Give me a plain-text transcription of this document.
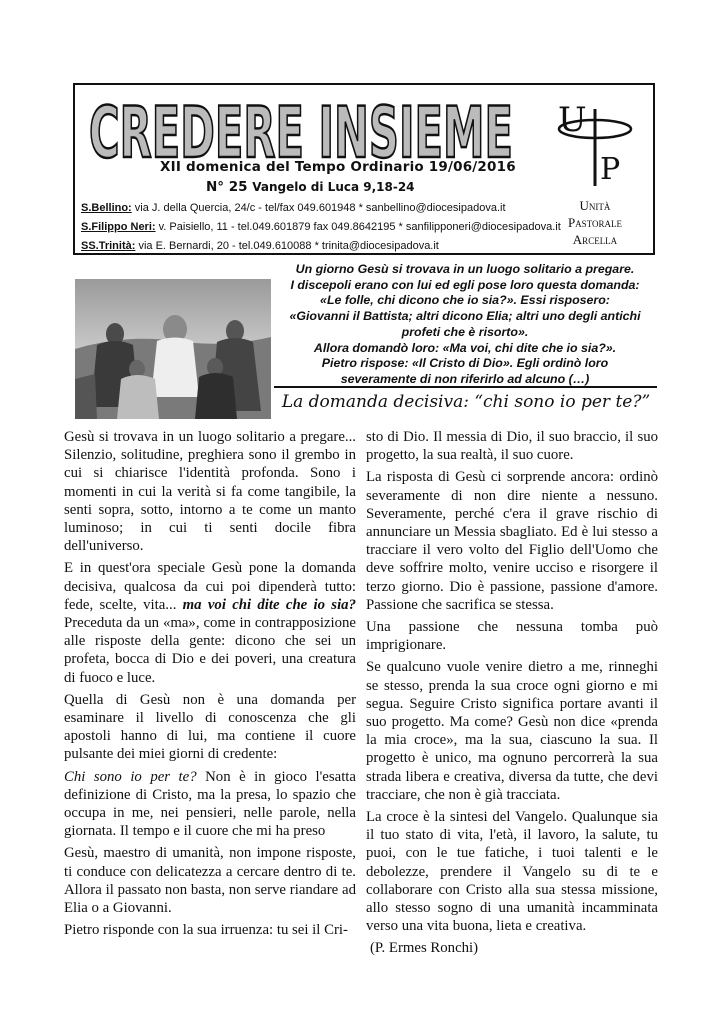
CREDERE INSIEME
XII domenica del Tempo Ordinario 19/06/2016
N° 25 Vangelo di Luca 9,18-24
S.Bellino: via J. della Quercia, 24/c - tel/fax 049.601948 * sanbellino@diocesipadova.it
S.Filippo Neri: v. Paisiello, 11 - tel.049.601879 fax 049.8642195 * sanfilipponeri@diocesipadova.it
SS.Trinità: via E. Bernardi, 20 - tel.049.610088 * trinita@diocesipadova.it
U
P
Unità
Pastorale
Arcella
Un giorno Gesù si trovava in un luogo solitario a pregare.
I discepoli erano con lui ed egli pose loro questa domanda:
«Le folle, chi dicono che io sia?». Essi risposero:
«Giovanni il Battista; altri dicono Elia; altri uno degli antichi
profeti che è risorto».
Allora domandò loro: «Ma voi, chi dite che io sia?».
Pietro rispose: «Il Cristo di Dio». Egli ordinò loro
severamente di non riferirlo ad alcuno (…)
La domanda decisiva: “chi sono io per te?”

Gesù si trovava in un luogo solitario a pregare... Silenzio, solitudine, preghiera sono il grembo in cui si chiarisce l'identità profonda. Sono i momenti in cui la verità si fa come tangibile, la senti sopra, sotto, intorno a te come un manto luminoso; in cui ti senti docile fibra dell'universo.

E in quest'ora speciale Gesù pone la domanda decisiva, qualcosa da cui poi dipenderà tutto: fede, scelte, vita... ma voi chi dite che io sia? Preceduta da un «ma», come in contrapposizione alle risposte della gente: dicono che sei un profeta, bocca di Dio e dei poveri, una creatura di fuoco e luce.

Quella di Gesù non è una domanda per esaminare il livello di conoscenza che gli apostoli hanno di lui, ma contiene il cuore pulsante dei miei giorni di credente:

Chi sono io per te? Non è in gioco l'esatta definizione di Cristo, ma la presa, lo spazio che occupa in me, nei pensieri, nelle parole, nella giornata. Il tempo e il cuore che mi ha preso

Gesù, maestro di umanità, non impone risposte, ti conduce con delicatezza a cercare dentro di te. Allora il passato non basta, non serve riandare ad Elia o a Giovanni.

Pietro risponde con la sua irruenza: tu sei il Cri-

sto di Dio. Il messia di Dio, il suo braccio, il suo progetto, la sua realtà, il suo cuore.

La risposta di Gesù ci sorprende ancora: ordinò severamente di non dire niente a nessuno. Severamente, perché c'era il grave rischio di annunciare un Messia sbagliato. Ed è lui stesso a tracciare il vero volto del Figlio dell'Uomo che deve soffrire molto, venire ucciso e risorgere il terzo giorno. Dio è passione, passione d'amore. Passione che sacrifica se stessa.

Una passione che nessuna tomba può imprigionare.

Se qualcuno vuole venire dietro a me, rinneghi se stesso, prenda la sua croce ogni giorno e mi segua. Seguire Cristo significa portare avanti il suo progetto. Ma come? Gesù non dice «prenda la mia croce», ma la sua, ciascuno la sua. Il progetto è unico, ma ognuno percorrerà la sua strada libera e creativa, diversa da tutte, che devi tracciare, che non è già tracciata.

La croce è la sintesi del Vangelo. Qualunque sia il tuo stato di vita, l'età, il lavoro, la salute, tu puoi, con le tue fatiche, i tuoi talenti e le debolezze, prendere il Vangelo su di te e collaborare con Cristo alla sua stessa missione, allo stesso sogno di una umanità incamminata verso una vita buona, lieta e creativa.

(P. Ermes Ronchi)
